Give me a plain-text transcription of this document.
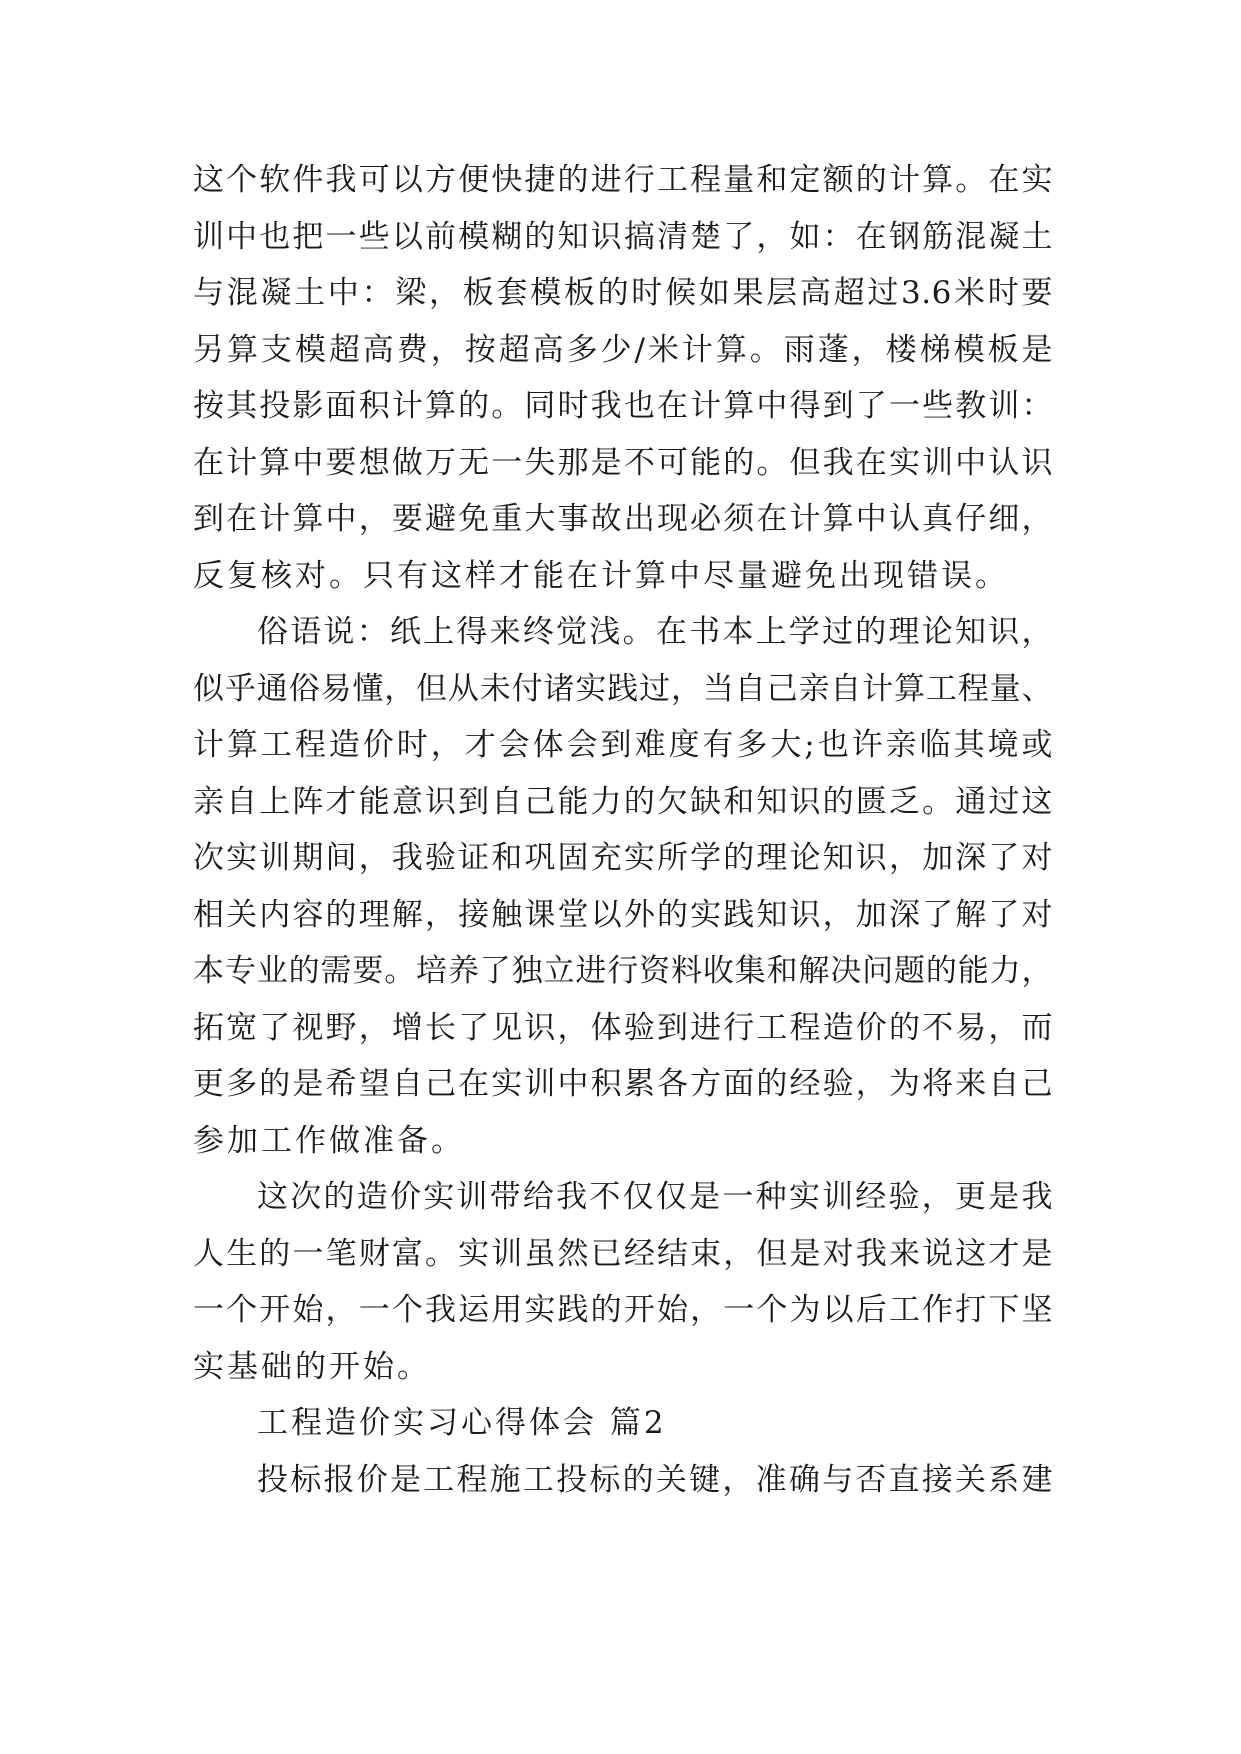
这个软件我可以方便快捷的进行工程量和定额的计算。在实
训中也把一些以前模糊的知识搞清楚了，如：在钢筋混凝土
与混凝土中：梁，板套模板的时候如果层高超过3.6米时要
另算支模超高费，按超高多少/米计算。雨蓬，楼梯模板是
按其投影面积计算的。同时我也在计算中得到了一些教训：
在计算中要想做万无一失那是不可能的。但我在实训中认识
到在计算中，要避免重大事故出现必须在计算中认真仔细，
反复核对。只有这样才能在计算中尽量避免出现错误。
俗语说：纸上得来终觉浅。在书本上学过的理论知识，
似乎通俗易懂，但从未付诸实践过，当自己亲自计算工程量、
计算工程造价时，才会体会到难度有多大;也许亲临其境或
亲自上阵才能意识到自己能力的欠缺和知识的匮乏。通过这
次实训期间，我验证和巩固充实所学的理论知识，加深了对
相关内容的理解，接触课堂以外的实践知识，加深了解了对
本专业的需要。培养了独立进行资料收集和解决问题的能力，
拓宽了视野，增长了见识，体验到进行工程造价的不易，而
更多的是希望自己在实训中积累各方面的经验，为将来自己
参加工作做准备。
这次的造价实训带给我不仅仅是一种实训经验，更是我
人生的一笔财富。实训虽然已经结束，但是对我来说这才是
一个开始，一个我运用实践的开始，一个为以后工作打下坚
实基础的开始。
工程造价实习心得体会 篇2
投标报价是工程施工投标的关键，准确与否直接关系建
